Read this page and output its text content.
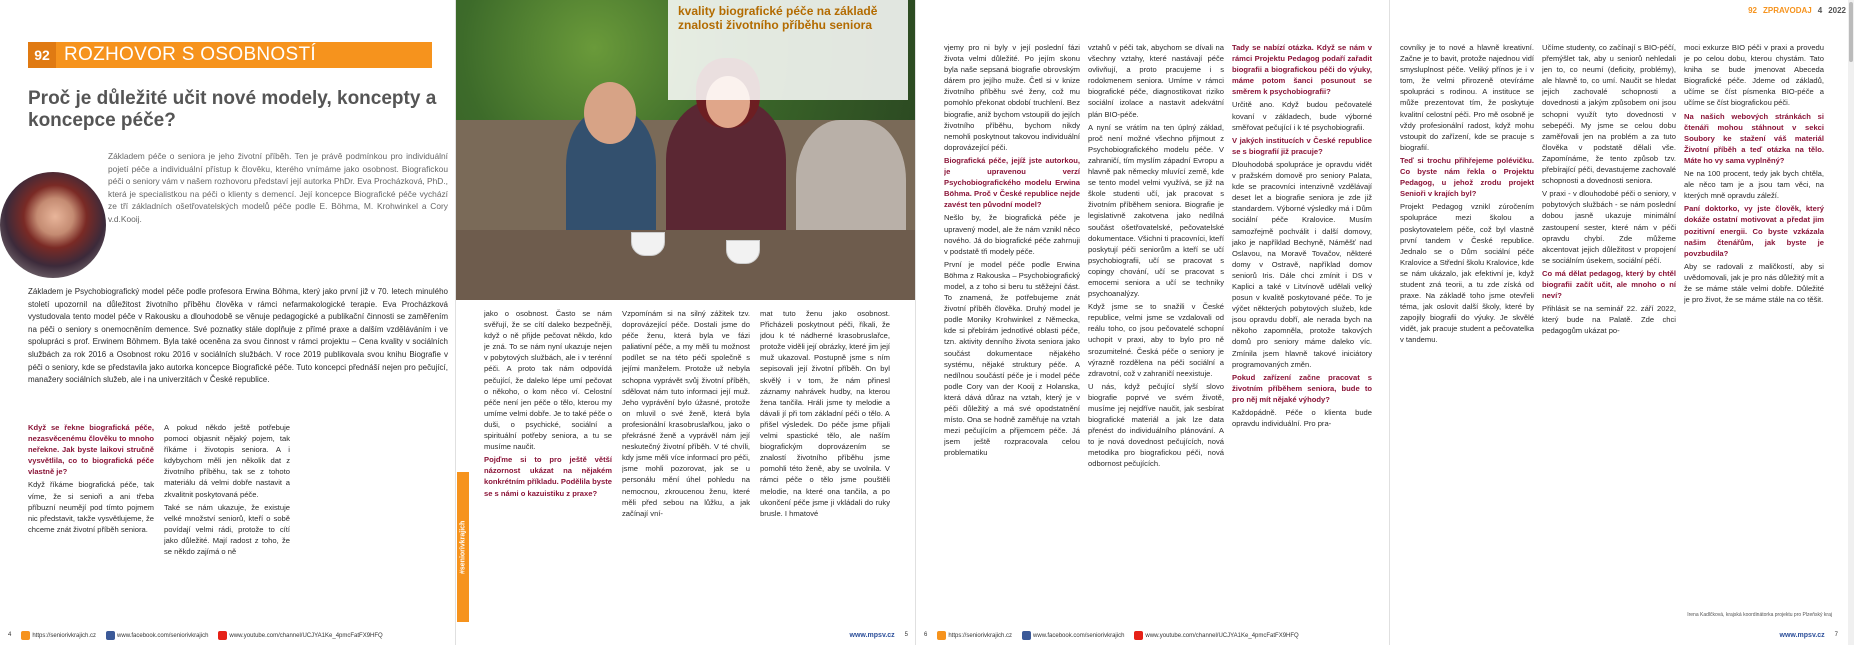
92 ROZHOVOR S OSOBNOSTÍ
Proč je důležité učit nové modely, koncepty a koncepce péče?
Základem péče o seniora je jeho životní příběh. Ten je právě podmínkou pro individuální pojetí péče a individuální přístup k člověku, kterého vnímáme jako osobnost. Biografickou péči o seniory vám v našem rozhovoru představí její autorka PhDr. Eva Procházková, PhD., která je specialistkou na péči o klienty s demencí. Její koncepce Biografické péče vychází ze tří základních ošetřovatelských modelů péče podle E. Böhma, M. Krohwinkel a Cory v.d.Kooij.
Základem je Psychobiografický model péče podle profesora Erwina Böhma, který jako první již v 70. letech minulého století upozornil na důležitost životního příběhu člověka v rámci nefarmakologické terapie. Eva Procházková vystudovala tento model péče v Rakousku a dlouhodobě se věnuje pedagogické a publikační činnosti se zaměřením na péči o seniory s onemocněním demence. Své poznatky stále doplňuje z přímé praxe a dalším vzděláváním i ve spolupráci s prof. Erwinem Böhmem. Byla také oceněna za svou činnost v rámci projektu – Cena kvality v sociálních službách za rok 2016 a Osobnost roku 2016 v sociálních službách. V roce 2019 publikovala svou knihu Biografie v péči o seniory, kde se představila jako autorka koncepce Biografické péče. Tuto koncepci přednáší nejen pro pečující, manažery sociálních služeb, ale i na univerzitách v České republice.

Když se řekne biografická péče, nezasvěcenému člověku to mnoho neřekne. Jak byste laikovi stručně vysvětlila, co to biografická péče vlastně je?

Když říkáme biografická péče, tak víme, že si senioři a ani třeba příbuzní neumějí pod tímto pojmem nic představit, takže vysvětlujeme, že chceme znát životní příběh seniora.

A pokud někdo ještě potřebuje pomoci objasnit nějaký pojem, tak říkáme i životopis seniora. A i kdybychom měli jen několik dat z životního příběhu, tak se z tohoto materiálu dá velmi dobře nastavit a zkvalitnit poskytovaná péče.

Také se nám ukazuje, že existuje velké množství seniorů, kteří o sobě povídají velmi rádi, protože to cítí jako důležité. Mají radost z toho, že se někdo zajímá o ně

4	https://seniorivkrajich.cz	www.facebook.com/seniorivkrajich	www.youtube.com/channel/UCJYA1Ke_4pmcFatFX9HFQ
kvality biografické péče na základě znalosti životního příběhu seniora

jako o osobnost. Často se nám svěřují, že se cítí daleko bezpečněji, když o ně přijde pečovat někdo, kdo je zná. To se nám nyní ukazuje nejen v pobytových službách, ale i v terénní péči. A proto tak nám odpovídá pečující, že daleko lépe umí pečovat o někoho, o kom něco ví. Celostní péče není jen péče o tělo, kterou my umíme velmi dobře. Je to také péče o duši, o psychické, sociální a spirituální potřeby seniora, a tu se musíme naučit.

Pojďme si to pro ještě větší názornost ukázat na nějakém konkrétním příkladu. Podělila byste se s námi o kazuistiku z praxe?

Vzpomínám si na silný zážitek tzv. doprovázející péče. Dostali jsme do péče ženu, která byla ve fázi paliativní péče, a my měli tu možnost podílet se na této péči společně s jejími manželem. Protože už nebyla schopna vyprávět svůj životní příběh, sdělovat nám tuto informaci její muž. Jeho vyprávění bylo úžasné, protože on mluvil o své ženě, která byla profesionální krasobruslařkou, jako o překrásné ženě a vyprávěl nám její neskutečný životní příběh. V té chvíli, kdy jsme měli více informací pro péči, jsme mohli pozorovat, jak se u personálu mění úhel pohledu na nemocnou, zkroucenou ženu, které měli před sebou na lůžku, a jak začínají vní-

mat tuto ženu jako osobnost. Přicházeli poskytnout péči, říkali, že jdou k té nádherné krasobruslařce, protože viděli její obrázky, které jim její muž ukazoval. Postupně jsme s ním sepisovali její životní příběh. On byl skvělý i v tom, že nám přinesl záznamy nahrávek hudby, na kterou žena tančila. Hráli jsme ty melodie a dávali jí při tom základní péči o tělo. A přišel výsledek. Do péče jsme přijali velmi spastické tělo, ale naším biografickým doprovázením se znalostí životního příběhu jsme pomohli této ženě, aby se uvolnila. V rámci péče o tělo jsme pouštěli melodie, na které ona tančila, a po ukončení péče jsme ji vkládali do ruky brusle. I hmatové

www.mpsv.cz 5
#seniorivkrajich

vjemy pro ni byly v její poslední fázi života velmi důležité. Po jejím skonu byla naše sepsaná biografie obrovským dárem pro jejího muže. Četl si v knize životního příběhu své ženy, což mu pomohlo překonat období truchlení. Bez biografie, aniž bychom vstoupili do jejích životního příběhu, bychom nikdy nemohli poskytnout takovou individuální doprovázející péči.

Biografická péče, jejíž jste autorkou, je upravenou verzí Psychobiografického modelu Erwina Böhma. Proč v České republice nejde zavést ten původní model?

Nešlo by, že biografická péče je upravený model, ale že nám vznikl něco nového. Já do biografické péče zahrnuji v podstatě tři modely péče.

První je model péče podle Erwina Böhma z Rakouska – Psychobiografický model, a z toho si beru tu stěžejní část. To znamená, že potřebujeme znát životní příběh člověka. Druhý model je podle Moniky Krohwinkel z Německa, kde si přebírám jednotlivé oblasti péče, tzn. aktivity denního života seniora jako součást dokumentace nějakého systému, nějaké struktury péče. A nedílnou součástí péče je i model péče podle Cory van der Kooij z Holanska, která dává důraz na vztah, který je v péči důležitý a má své opodstatnění místo. Ona se hodně zaměřuje na vztah mezi pečujícím a přijemcem péče. Já jsem ještě rozpracovala celou problematiku

vztahů v péči tak, abychom se dívali na všechny vztahy, které nastávají péče ovlivňují, a proto pracujeme i s rodokmenem seniora. Umíme v rámci biografické péče, diagnostikovat riziko sociální izolace a nastavit adekvátní plán BIO-péče.

A nyní se vrátím na ten úplný základ, proč není možné všechno přijmout z Psychobiografického modelu péče. V zahraničí, tím myslím západní Evropu a hlavně pak německy mluvící země, kde se tento model velmi využívá, se již na škole studenti učí, jak pracovat s životním příběhem seniora. Biografie je legislativně zakotvena jako nedílná součást ošetřovatelské, pečovatelské dokumentace. Všichni ti pracovníci, kteří poskytují péči seniorům a kteří se učí psychobiografii, učí se pracovat s copingy chování, učí se pracovat s emocemi seniora a učí se techniky psychoanalýzy.

Když jsme se to snažili v České republice, velmi jsme se vzdalovali od reálu toho, co jsou pečovatelé schopní uchopit v praxi, aby to bylo pro ně srozumitelné. Česká péče o seniory je výrazně rozdělena na péči sociální a zdravotní, což v zahraničí neexistuje.

U nás, když pečující slyší slovo biografie poprvé ve svém životě, musíme jej nejdříve naučit, jak sesbírat biografické materiál a jak lze data přenést do individuálního plánování. A to je nová dovednost pečujících, nová metodika pro biografickou péči, nová odbornost pečujících.

Tady se nabízí otázka. Když se nám v rámci Projektu Pedagog podaří zařadit biografii a biografickou péči do výuky, máme potom šanci posunout se směrem k psychobiografii?

Určitě ano. Když budou pečovatelé kovaní v základech, bude výborné směřovat pečující i k té psychobiografii.

V jakých institucích v České republice se s biografií již pracuje?

Dlouhodobá spolupráce je opravdu vidět v pražském domově pro seniory Palata, kde se pracovníci intenzivně vzdělávají deset let a biografie seniora je zde již standardem. Výborné výsledky má i Dům sociální péče Kralovice. Musím samozřejmě pochválit i další domovy, jako je například Bechyně, Náměšť nad Oslavou, na Moravě Tovačov, některé domy v Ostravě, například domov seniorů Iris. Dále chci zmínit i DS v Kaplici a také v Litvínově udělali velký posun v kvalitě poskytované péče. To je výčet některých pobytových služeb, kde jsou opravdu dobří, ale nerada bych na někoho zapomněla, protože takových domů pro seniory máme daleko víc. Zmínila jsem hlavně takové iniciátory programovaných změn.

Pokud zařízení začne pracovat s životním příběhem seniora, bude to pro něj mít nějaké výhody?

Každopádně. Péče o klienta bude opravdu individuální. Pro pra-

6	https://seniorivkrajich.cz	www.facebook.com/seniorivkrajich	www.youtube.com/channel/UCJYA1Ke_4pmcFatFX9HFQ
92 ZPRAVODAJ 4 2022

covníky je to nové a hlavně kreativní. Začne je to bavit, protože najednou vidí smysluplnost péče. Veliký přínos je i v tom, že velmi přirozeně otevíráme spolupráci s rodinou. A instituce se může prezentovat tím, že poskytuje kvalitní celostní péči. Pro mě osobně je vždy profesionální radost, když mohu vstoupit do zařízení, kde se pracuje s biografií.

Teď si trochu přihřejeme polévičku. Co byste nám řekla o Projektu Pedagog, u jehož zrodu projekt Senioři v krajích byl?

Projekt Pedagog vznikl zúročením spolupráce mezi školou a poskytovatelem péče, což byl vlastně první tandem v České republice. Jednalo se o Dům sociální péče Kralovice a Střední školu Kralovice, kde se nám ukázalo, jak efektivní je, když student zná teorii, a tu zde získá od praxe. Na základě toho jsme otevřeli téma, jak oslovit další školy, které by zapojily biografii do výuky. Je skvělé vidět, jak pracuje student a pečovatelka v tandemu.

Učíme studenty, co začínají s BIO-péčí, přemýšlet tak, aby u seniorů nehledali jen to, co neumí (deficity, problémy), ale hlavně to, co umí. Naučit se hledat jejich zachovalé schopnosti a dovednosti a jakým způsobem oni jsou schopni využít tyto dovednosti v sebepéči. My jsme se celou dobu zaměřovali jen na problém a za tuto člověka v podstatě dělali vše. Zapomínáme, že tento způsob tzv. přebírající péči, devastujeme zachovalé schopnosti a dovednosti seniora.

V praxi - v dlouhodobé péči o seniory, v pobytových službách - se nám poslední dobou jasně ukazuje minimální zastoupení sester, které nám v péči opravdu chybí. Zde můžeme akcentovat jejich důležitost v propojení se sociálním úsekem, sociální péčí.

Co má dělat pedagog, který by chtěl biografii začít učit, ale mnoho o ní neví?

Přihlásit se na seminář 22. září 2022, který bude na Palatě. Zde chci pedagogům ukázat po-

moci exkurze BIO péči v praxi a provedu je po celou dobu, kterou chystám. Tato kniha se bude jmenovat Abeceda Biografické péče. Jdeme od základů, učíme se číst písmenka BIO-péče a učíme se číst biografickou péči.

Na našich webových stránkách si čtenáři mohou stáhnout v sekci Soubory ke stažení váš materiál Životní příběh a teď otázka na tělo. Máte ho vy sama vyplněný?

Ne na 100 procent, tedy jak bych chtěla, ale něco tam je a jsou tam věci, na kterých mně opravdu záleží.

Paní doktorko, vy jste člověk, který dokáže ostatní motivovat a předat jim pozitivní energii. Co byste vzkázala našim čtenářům, jak byste je povzbudila?

Aby se radovali z maličkostí, aby si uvědomovali, jak je pro nás důležitý mít a že se máme stále velmi dobře. Důležité je pro život, že se máme stále na co těšit.

Irena Kadlčková, krajská koordinátorka projektu pro Plzeňský kraj
www.mpsv.cz 7
